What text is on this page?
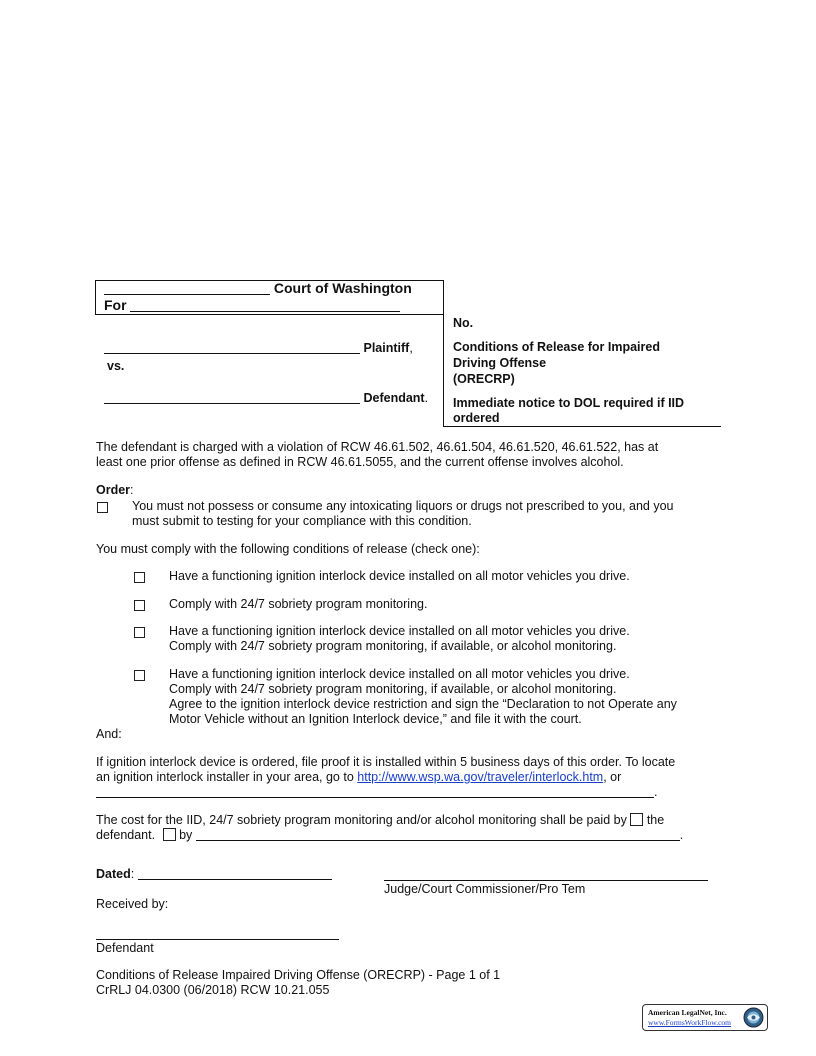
Court of Washington
For
Plaintiff,
vs.
Defendant.
No.
Conditions of Release for Impaired
Driving Offense
(ORECRP)
Immediate notice to DOL required if IID
ordered
The defendant is charged with a violation of RCW 46.61.502, 46.61.504, 46.61.520, 46.61.522, has at
least one prior offense as defined in RCW 46.61.5055, and the current offense involves alcohol.
Order:
You must not possess or consume any intoxicating liquors or drugs not prescribed to you, and you
must submit to testing for your compliance with this condition.
You must comply with the following conditions of release (check one):
Have a functioning ignition interlock device installed on all motor vehicles you drive.
Comply with 24/7 sobriety program monitoring.
Have a functioning ignition interlock device installed on all motor vehicles you drive.
Comply with 24/7 sobriety program monitoring, if available, or alcohol monitoring.
Have a functioning ignition interlock device installed on all motor vehicles you drive.
Comply with 24/7 sobriety program monitoring, if available, or alcohol monitoring.
Agree to the ignition interlock device restriction and sign the “Declaration to not Operate any
Motor Vehicle without an Ignition Interlock device,” and file it with the court.
And:
If ignition interlock device is ordered, file proof it is installed within 5 business days of this order. To locate
an ignition interlock installer in your area, go to http://www.wsp.wa.gov/traveler/interlock.htm, or
.
The cost for the IID, 24/7 sobriety program monitoring and/or alcohol monitoring shall be paid by the
defendant. by	.
Dated:
Judge/Court Commissioner/Pro Tem
Received by:
Defendant
Conditions of Release Impaired Driving Offense (ORECRP) - Page 1 of 1
CrRLJ 04.0300 (06/2018) RCW 10.21.055
American LegalNet, Inc.
www.FormsWorkFlow.com
